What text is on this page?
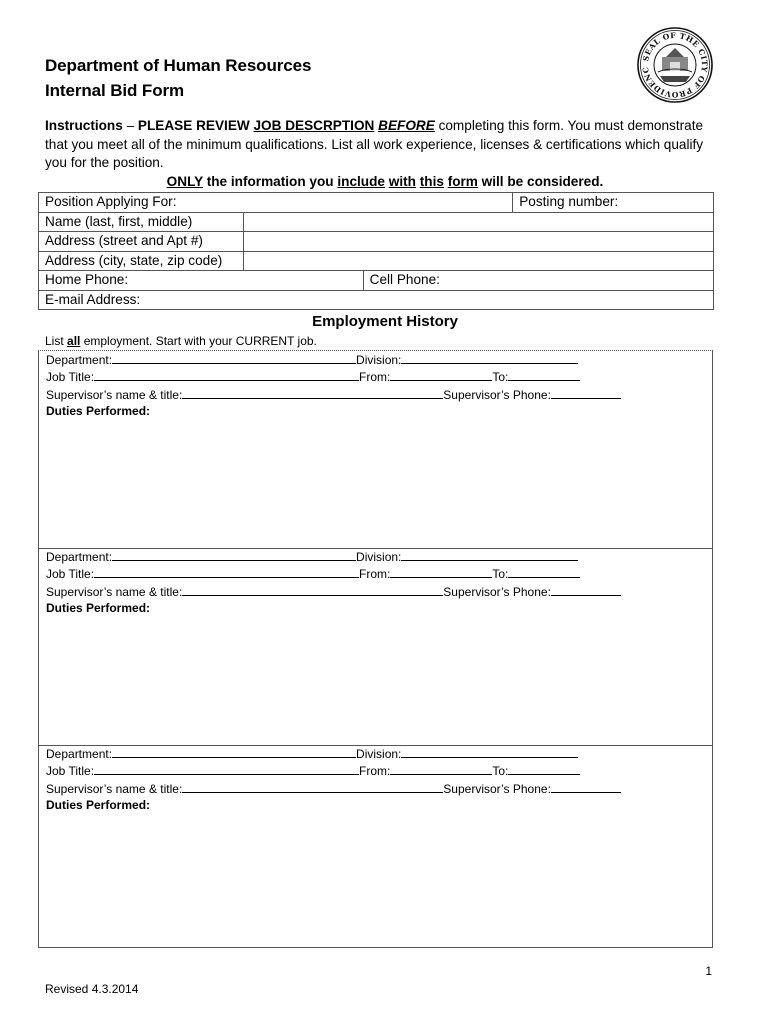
Department of Human Resources
Internal Bid Form
SEAL OF THE CITY OF PROVIDENC
Instructions – PLEASE REVIEW JOB DESCRPTION BEFORE completing this form. You must demonstrate that you meet all of the minimum qualifications. List all work experience, licenses & certifications which qualify you for the position.
ONLY the information you include with this form will be considered.
Position Applying For:			Posting number:
Name (last, first, middle)			
Address (street and Apt #)			
Address (city, state, zip code)			
Home Phone:		Cell Phone:	
E-mail Address:			
Employment History
List all employment. Start with your CURRENT job.
Department:	Division:
Job Title:	From:	To:
Supervisor’s name & title:	Supervisor’s Phone:
Duties Performed:
Department:	Division:
Job Title:	From:	To:
Supervisor’s name & title:	Supervisor’s Phone:
Duties Performed:
Department:	Division:
Job Title:	From:	To:
Supervisor’s name & title:	Supervisor’s Phone:
Duties Performed:
1
Revised 4.3.2014
